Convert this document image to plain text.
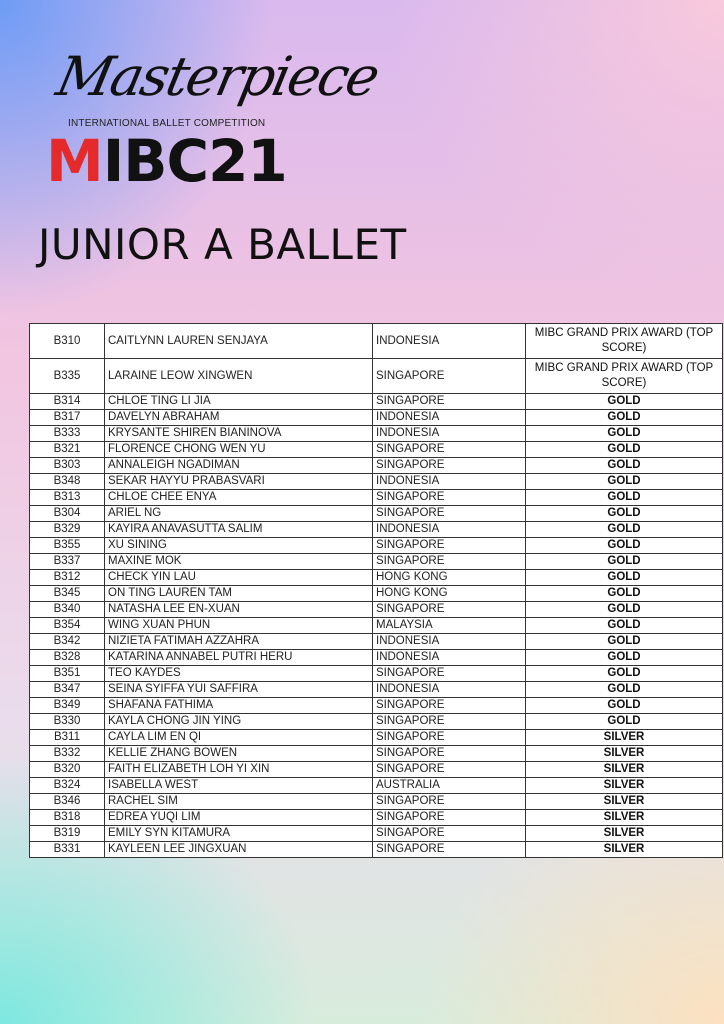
Masterpiece
INTERNATIONAL BALLET COMPETITION
MIBC21
JUNIOR A BALLET
B310	CAITLYNN LAUREN SENJAYA	INDONESIA	MIBC GRAND PRIX AWARD (TOP SCORE)
B335	LARAINE LEOW XINGWEN	SINGAPORE	MIBC GRAND PRIX AWARD (TOP SCORE)
B314	CHLOE TING LI JIA	SINGAPORE	GOLD
B317	DAVELYN ABRAHAM	INDONESIA	GOLD
B333	KRYSANTE SHIREN BIANINOVA	INDONESIA	GOLD
B321	FLORENCE CHONG WEN YU	SINGAPORE	GOLD
B303	ANNALEIGH NGADIMAN	SINGAPORE	GOLD
B348	SEKAR HAYYU PRABASVARI	INDONESIA	GOLD
B313	CHLOE CHEE ENYA	SINGAPORE	GOLD
B304	ARIEL NG	SINGAPORE	GOLD
B329	KAYIRA ANAVASUTTA SALIM	INDONESIA	GOLD
B355	XU SINING	SINGAPORE	GOLD
B337	MAXINE MOK	SINGAPORE	GOLD
B312	CHECK YIN LAU	HONG KONG	GOLD
B345	ON TING LAUREN TAM	HONG KONG	GOLD
B340	NATASHA LEE EN-XUAN	SINGAPORE	GOLD
B354	WING XUAN PHUN	MALAYSIA	GOLD
B342	NIZIETA FATIMAH AZZAHRA	INDONESIA	GOLD
B328	KATARINA ANNABEL PUTRI HERU	INDONESIA	GOLD
B351	TEO KAYDES	SINGAPORE	GOLD
B347	SEINA SYIFFA YUI SAFFIRA	INDONESIA	GOLD
B349	SHAFANA FATHIMA	SINGAPORE	GOLD
B330	KAYLA CHONG JIN YING	SINGAPORE	GOLD
B311	CAYLA LIM EN QI	SINGAPORE	SILVER
B332	KELLIE ZHANG BOWEN	SINGAPORE	SILVER
B320	FAITH ELIZABETH LOH YI XIN	SINGAPORE	SILVER
B324	ISABELLA WEST	AUSTRALIA	SILVER
B346	RACHEL SIM	SINGAPORE	SILVER
B318	EDREA YUQI LIM	SINGAPORE	SILVER
B319	EMILY SYN KITAMURA	SINGAPORE	SILVER
B331	KAYLEEN LEE JINGXUAN	SINGAPORE	SILVER
